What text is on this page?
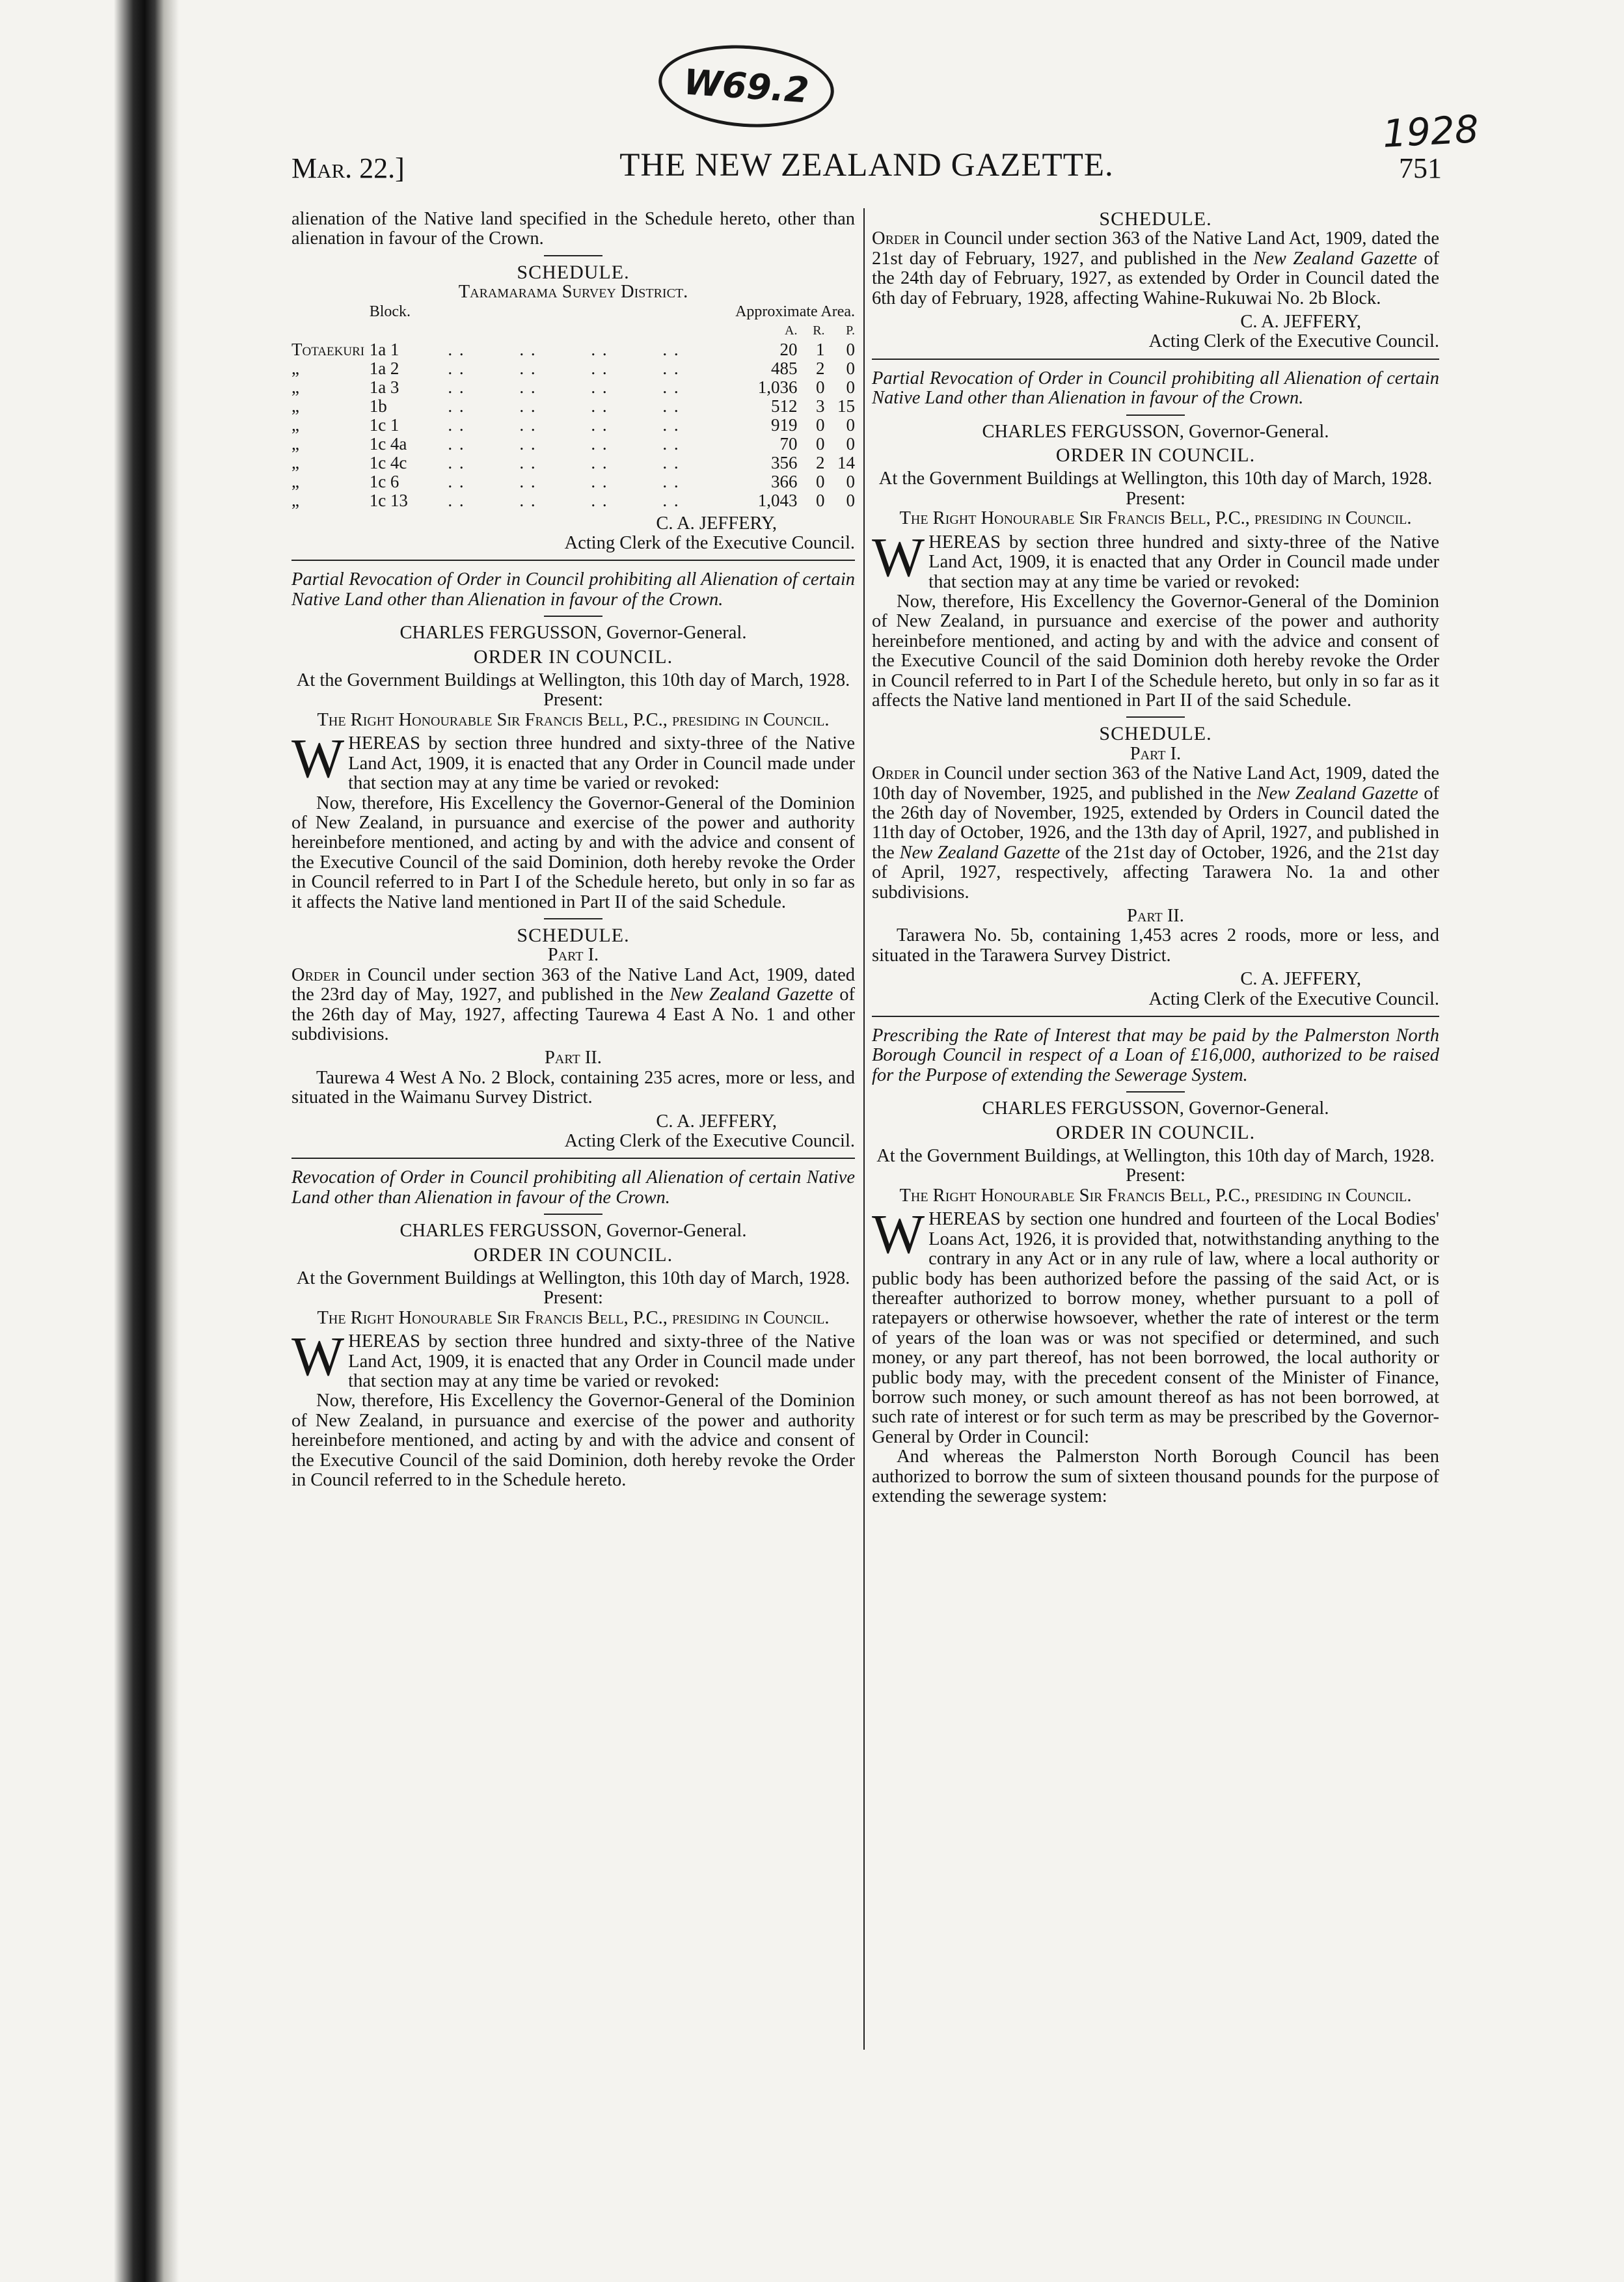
W69.2
1928
Mar. 22.]	THE NEW ZEALAND GAZETTE.	751

alienation of the Native land specified in the Schedule hereto, other than alienation in favour of the Crown.

SCHEDULE.

Taramarama Survey District.

	Block.		Approximate Area.		
			A.	R.	P.
Totaekuri	1a 1	. . . . . . . .	20	1	0
„	1a 2	. . . . . . . .	485	2	0
„	1a 3	. . . . . . . .	1,036	0	0
„	1b	. . . . . . . .	512	3	15
„	1c 1	. . . . . . . .	919	0	0
„	1c 4a	. . . . . . . .	70	0	0
„	1c 4c	. . . . . . . .	356	2	14
„	1c 6	. . . . . . . .	366	0	0
„	1c 13	. . . . . . . .	1,043	0	0

C. A. JEFFERY,

Acting Clerk of the Executive Council.

Partial Revocation of Order in Council prohibiting all Alienation of certain Native Land other than Alienation in favour of the Crown.

CHARLES FERGUSSON, Governor-General.

ORDER IN COUNCIL.

At the Government Buildings at Wellington, this 10th day of March, 1928.

Present:

The Right Honourable Sir Francis Bell, P.C., presiding in Council.

WHEREAS by section three hundred and sixty-three of the Native Land Act, 1909, it is enacted that any Order in Council made under that section may at any time be varied or revoked:

Now, therefore, His Excellency the Governor-General of the Dominion of New Zealand, in pursuance and exercise of the power and authority hereinbefore mentioned, and acting by and with the advice and consent of the Executive Council of the said Dominion, doth hereby revoke the Order in Council referred to in Part I of the Schedule hereto, but only in so far as it affects the Native land mentioned in Part II of the said Schedule.

SCHEDULE.

Part I.

Order in Council under section 363 of the Native Land Act, 1909, dated the 23rd day of May, 1927, and published in the New Zealand Gazette of the 26th day of May, 1927, affecting Taurewa 4 East A No. 1 and other subdivisions.

Part II.

Taurewa 4 West A No. 2 Block, containing 235 acres, more or less, and situated in the Waimanu Survey District.

C. A. JEFFERY,

Acting Clerk of the Executive Council.

Revocation of Order in Council prohibiting all Alienation of certain Native Land other than Alienation in favour of the Crown.

CHARLES FERGUSSON, Governor-General.

ORDER IN COUNCIL.

At the Government Buildings at Wellington, this 10th day of March, 1928.

Present:

The Right Honourable Sir Francis Bell, P.C., presiding in Council.

WHEREAS by section three hundred and sixty-three of the Native Land Act, 1909, it is enacted that any Order in Council made under that section may at any time be varied or revoked:

Now, therefore, His Excellency the Governor-General of the Dominion of New Zealand, in pursuance and exercise of the power and authority hereinbefore mentioned, and acting by and with the advice and consent of the Executive Council of the said Dominion, doth hereby revoke the Order in Council referred to in the Schedule hereto.

SCHEDULE.

Order in Council under section 363 of the Native Land Act, 1909, dated the 21st day of February, 1927, and published in the New Zealand Gazette of the 24th day of February, 1927, as extended by Order in Council dated the 6th day of February, 1928, affecting Wahine-Rukuwai No. 2b Block.

C. A. JEFFERY,

Acting Clerk of the Executive Council.

Partial Revocation of Order in Council prohibiting all Alienation of certain Native Land other than Alienation in favour of the Crown.

CHARLES FERGUSSON, Governor-General.

ORDER IN COUNCIL.

At the Government Buildings at Wellington, this 10th day of March, 1928.

Present:

The Right Honourable Sir Francis Bell, P.C., presiding in Council.

WHEREAS by section three hundred and sixty-three of the Native Land Act, 1909, it is enacted that any Order in Council made under that section may at any time be varied or revoked:

Now, therefore, His Excellency the Governor-General of the Dominion of New Zealand, in pursuance and exercise of the power and authority hereinbefore mentioned, and acting by and with the advice and consent of the Executive Council of the said Dominion doth hereby revoke the Order in Council referred to in Part I of the Schedule hereto, but only in so far as it affects the Native land mentioned in Part II of the said Schedule.

SCHEDULE.

Part I.

Order in Council under section 363 of the Native Land Act, 1909, dated the 10th day of November, 1925, and published in the New Zealand Gazette of the 26th day of November, 1925, extended by Orders in Council dated the 11th day of October, 1926, and the 13th day of April, 1927, and published in the New Zealand Gazette of the 21st day of October, 1926, and the 21st day of April, 1927, respectively, affecting Tarawera No. 1a and other subdivisions.

Part II.

Tarawera No. 5b, containing 1,453 acres 2 roods, more or less, and situated in the Tarawera Survey District.

C. A. JEFFERY,

Acting Clerk of the Executive Council.

Prescribing the Rate of Interest that may be paid by the Palmerston North Borough Council in respect of a Loan of £16,000, authorized to be raised for the Purpose of extending the Sewerage System.

CHARLES FERGUSSON, Governor-General.

ORDER IN COUNCIL.

At the Government Buildings, at Wellington, this 10th day of March, 1928.

Present:

The Right Honourable Sir Francis Bell, P.C., presiding in Council.

WHEREAS by section one hundred and fourteen of the Local Bodies' Loans Act, 1926, it is provided that, notwithstanding anything to the contrary in any Act or in any rule of law, where a local authority or public body has been authorized before the passing of the said Act, or is thereafter authorized to borrow money, whether pursuant to a poll of ratepayers or otherwise howsoever, whether the rate of interest or the term of years of the loan was or was not specified or determined, and such money, or any part thereof, has not been borrowed, the local authority or public body may, with the precedent consent of the Minister of Finance, borrow such money, or such amount thereof as has not been borrowed, at such rate of interest or for such term as may be prescribed by the Governor-General by Order in Council:

And whereas the Palmerston North Borough Council has been authorized to borrow the sum of sixteen thousand pounds for the purpose of extending the sewerage system:
